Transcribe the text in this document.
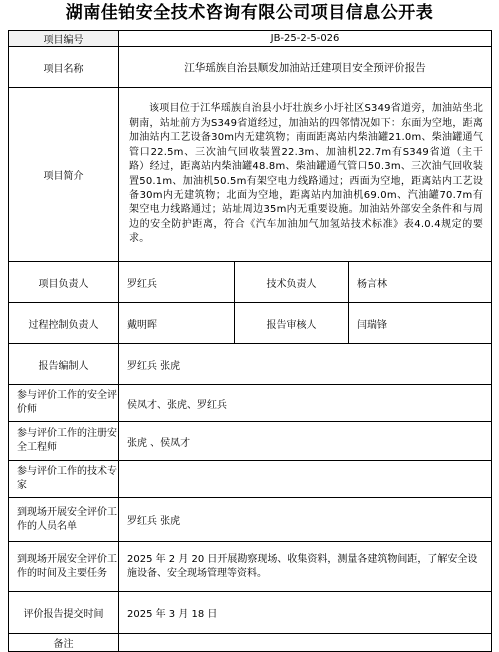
湖南佳铂安全技术咨询有限公司项目信息公开表
项目编号	JB-25-2-5-026		
项目名称	江华瑶族自治县顺发加油站迁建项目安全预评价报告		
项目简介	该项目位于江华瑶族自治县小圩壮族乡小圩社区S349省道旁，加油站坐北朝南，站址前方为S349省道经过，加油站的四邻情况如下：东面为空地，距离加油站内工艺设备30m内无建筑物；南面距离站内柴油罐21.0m、柴油罐通气管口22.5m、三次油气回收装置22.3m、加油机22.7m有S349省道（主干路）经过，距离站内柴油罐48.8m、柴油罐通气管口50.3m、三次油气回收装置50.1m、加油机50.5m有架空电力线路通过；西面为空地，距离站内工艺设备30m内无建筑物；北面为空地，距离站内加油机69.0m、汽油罐70.7m有架空电力线路通过；站址周边35m内无重要设施。加油站外部安全条件和与周边的安全防护距离，符合《汽车加油加气加氢站技术标准》表4.0.4规定的要求。		

项目负责人	罗红兵	技术负责人	杨言林
过程控制负责人	戴明晖	报告审核人	闫瑞锋
报告编制人	罗红兵 张虎		
参与评价工作的安全评价师	侯凤才、张虎、罗红兵		
参与评价工作的注册安全工程师	张虎 、侯凤才		
参与评价工作的技术专家			
到现场开展安全评价工作的人员名单	罗红兵 张虎		
到现场开展安全评价工作的时间及主要任务	2025 年 2 月 20 日开展勘察现场、收集资料，测量各建筑物间距，了解安全设施设备、安全现场管理等资料。		
评价报告提交时间	2025 年 3 月 18 日		
备注			
